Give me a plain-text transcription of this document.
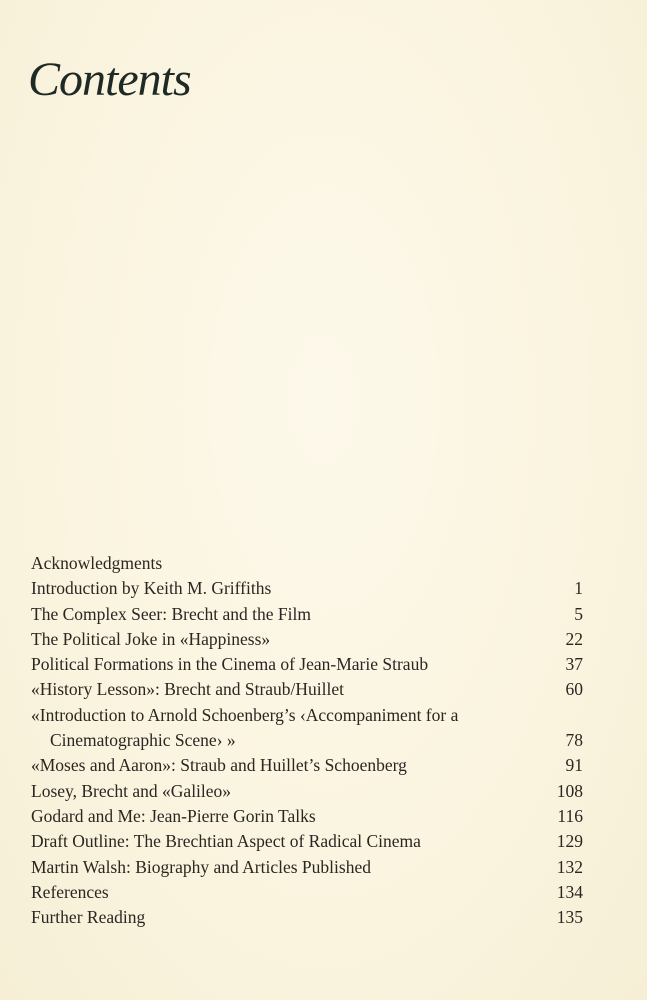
Contents
Acknowledgments
Introduction by Keith M. Griffiths	1
The Complex Seer: Brecht and the Film	5
The Political Joke in «Happiness»	22
Political Formations in the Cinema of Jean-Marie Straub	37
«History Lesson»: Brecht and Straub/Huillet	60
«Introduction to Arnold Schoenberg’s ‹Accompaniment for a
Cinematographic Scene› »	78
«Moses and Aaron»: Straub and Huillet’s Schoenberg	91
Losey, Brecht and «Galileo»	108
Godard and Me: Jean-Pierre Gorin Talks	116
Draft Outline: The Brechtian Aspect of Radical Cinema	129
Martin Walsh: Biography and Articles Published	132
References	134
Further Reading	135
